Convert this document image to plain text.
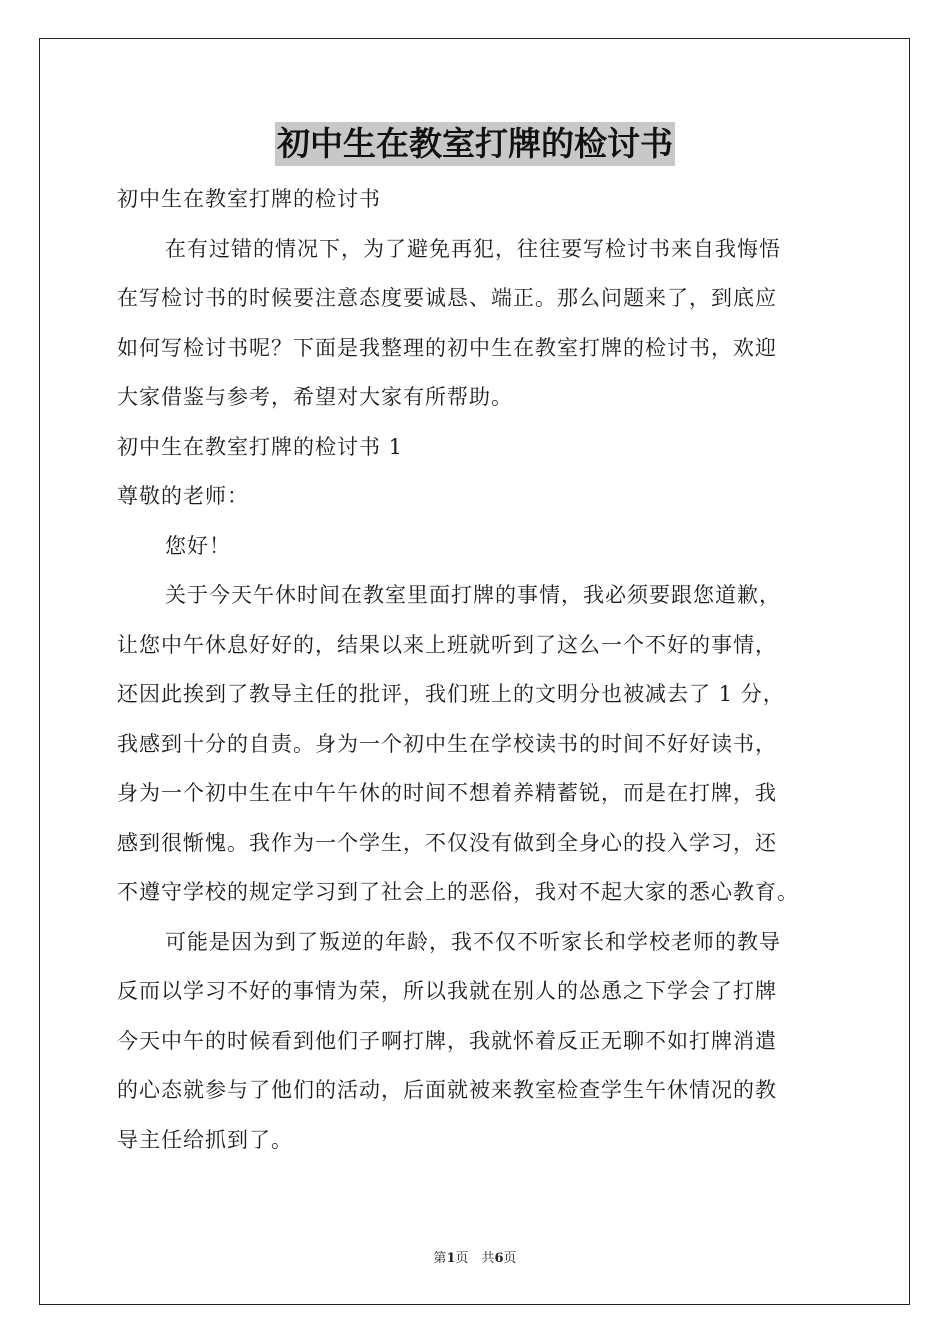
初中生在教室打牌的检讨书
初中生在教室打牌的检讨书
在有过错的情况下，为了避免再犯，往往要写检讨书来自我悔悟
在写检讨书的时候要注意态度要诚恳、端正。那么问题来了，到底应
如何写检讨书呢？下面是我整理的初中生在教室打牌的检讨书，欢迎
大家借鉴与参考，希望对大家有所帮助。
初中生在教室打牌的检讨书 1
尊敬的老师：
您好！
关于今天午休时间在教室里面打牌的事情，我必须要跟您道歉，
让您中午休息好好的，结果以来上班就听到了这么一个不好的事情，
还因此挨到了教导主任的批评，我们班上的文明分也被减去了 1 分，
我感到十分的自责。身为一个初中生在学校读书的时间不好好读书，
身为一个初中生在中午午休的时间不想着养精蓄锐，而是在打牌，我
感到很惭愧。我作为一个学生，不仅没有做到全身心的投入学习，还
不遵守学校的规定学习到了社会上的恶俗，我对不起大家的悉心教育。
可能是因为到了叛逆的年龄，我不仅不听家长和学校老师的教导
反而以学习不好的事情为荣，所以我就在别人的怂恿之下学会了打牌
今天中午的时候看到他们子啊打牌，我就怀着反正无聊不如打牌消遣
的心态就参与了他们的活动，后面就被来教室检查学生午休情况的教
导主任给抓到了。
第1页　共6页
